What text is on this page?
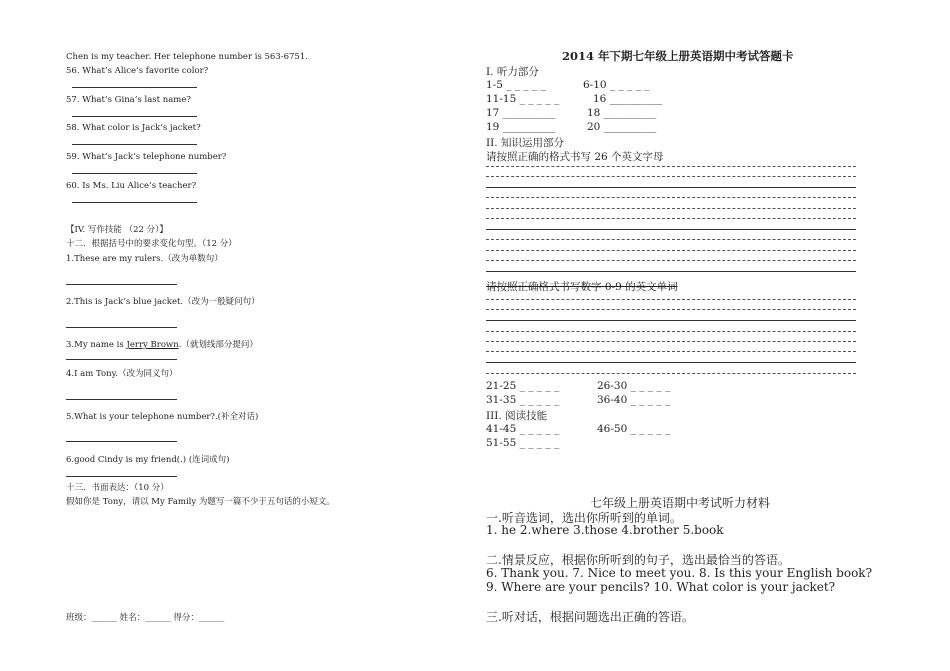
Chen is my teacher. Her telephone number is 563-6751.
56. What’s Alice’s favorite color?
57. What’s Gina’s last name?
58. What color is Jack’s jacket?
59. What’s Jack’s telephone number?
60. Is Ms. Liu Alice’s teacher?
【IV. 写作技能 （22 分）】
十二．根据括号中的要求变化句型。（12 分）
1.These are my rulers.（改为单数句）
2.This is Jack’s blue jacket.（改为一般疑问句）
3.My name is Jerry Brown.（就划线部分提问）
4.I am Tony.（改为同义句）
5.What is your telephone number?.(补全对话)
6.good Cindy is my friend(.) (连词成句)
十三．书面表达：（10 分）
假如你是 Tony，请以 My Family 为题写一篇不少于五句话的小短文。
班级：______ 姓名：______ 得分：______
2014 年下期七年级上册英语期中考试答题卡
I. 听力部分
1-5 _ _ _ _ _	6-10 _ _ _ _ _
11-15 _ _ _ _ _	16 __________
17 __________	18 __________
19 __________	20 __________
II. 知识运用部分
请按照正确的格式书写 26 个英文字母
请按照正确格式书写数字 0-9 的英文单词
21-25 _ _ _ _ _	26-30 _ _ _ _ _
31-35 _ _ _ _ _	36-40 _ _ _ _ _
III. 阅读技能
41-45 _ _ _ _ _	46-50 _ _ _ _ _
51-55 _ _ _ _ _
七年级上册英语期中考试听力材料
一.听音选词，选出你所听到的单词。
1. he 2.where 3.those 4.brother 5.book
二.情景反应，根据你所听到的句子，选出最恰当的答语。
6. Thank you. 7. Nice to meet you. 8. Is this your English book?
9. Where are your pencils? 10. What color is your jacket?
三.听对话，根据问题选出正确的答语。
